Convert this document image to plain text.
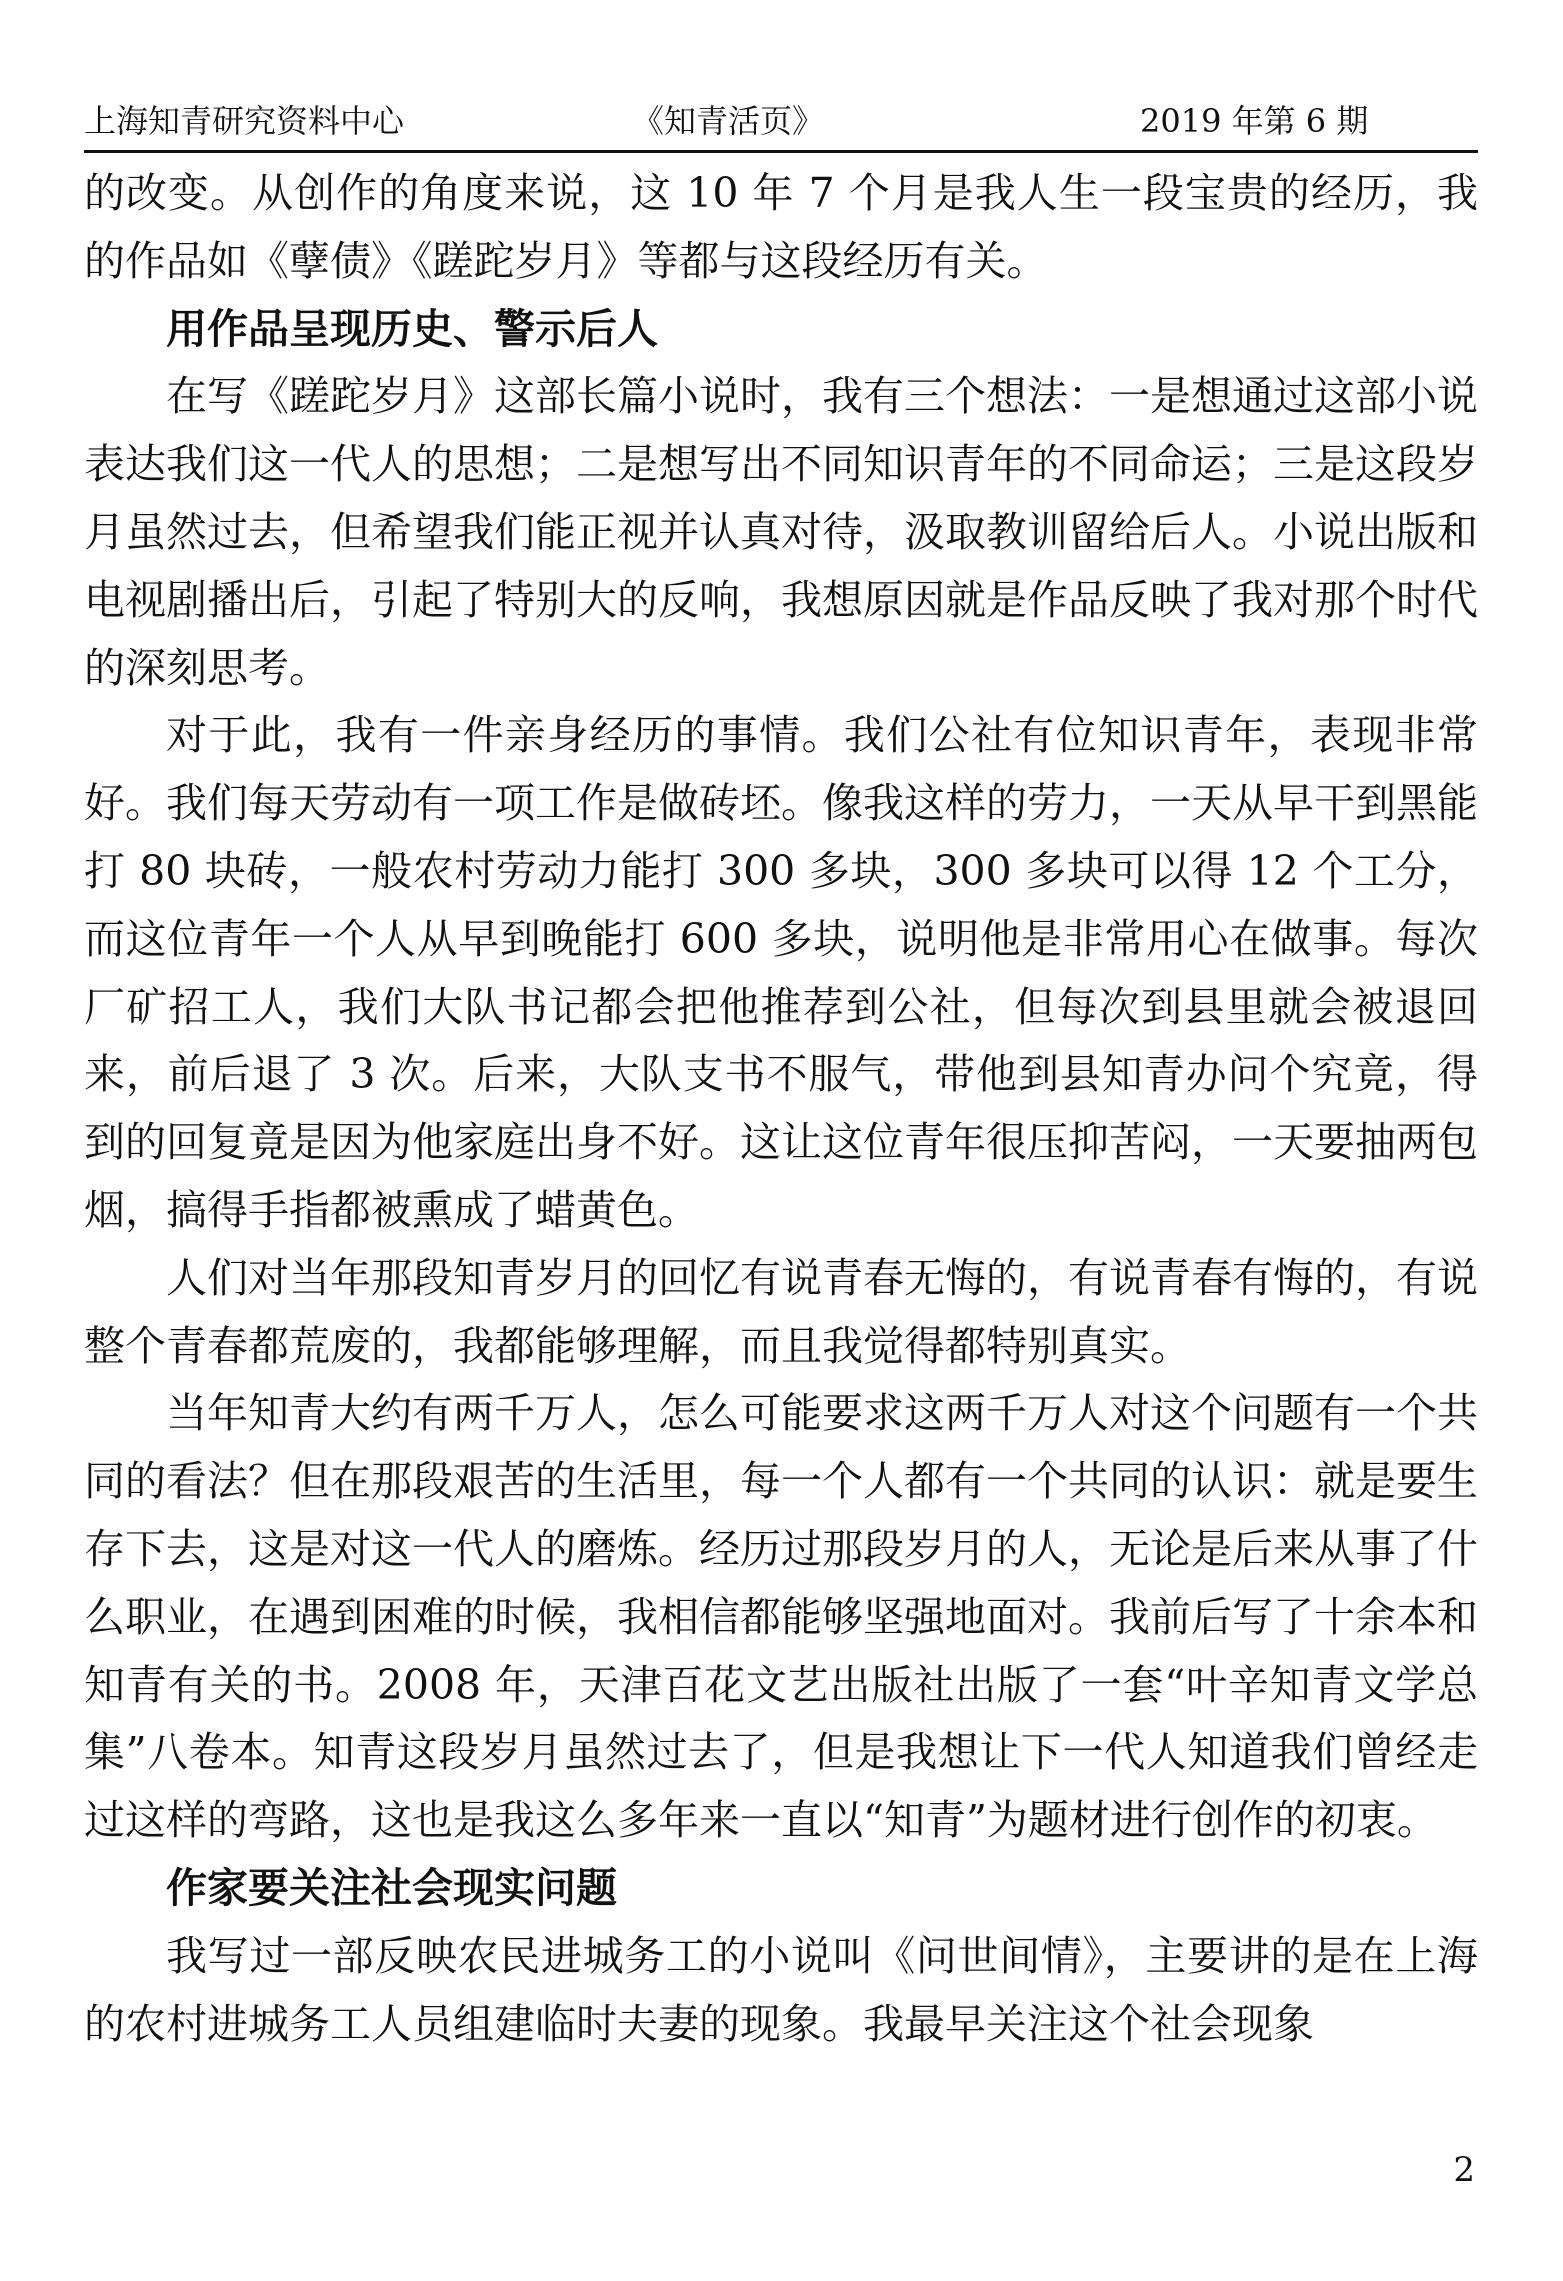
上海知青研究资料中心	《知青活页》	2019 年第 6 期

的改变。从创作的角度来说，这 10 年 7 个月是我人生一段宝贵的经历，我的作品如《孽债》《蹉跎岁月》等都与这段经历有关。

用作品呈现历史、警示后人

在写《蹉跎岁月》这部长篇小说时，我有三个想法：一是想通过这部小说表达我们这一代人的思想；二是想写出不同知识青年的不同命运；三是这段岁月虽然过去，但希望我们能正视并认真对待，汲取教训留给后人。小说出版和电视剧播出后，引起了特别大的反响，我想原因就是作品反映了我对那个时代的深刻思考。

对于此，我有一件亲身经历的事情。我们公社有位知识青年，表现非常好。我们每天劳动有一项工作是做砖坯。像我这样的劳力，一天从早干到黑能打 80 块砖，一般农村劳动力能打 300 多块，300 多块可以得 12 个工分，而这位青年一个人从早到晚能打 600 多块，说明他是非常用心在做事。每次厂矿招工人，我们大队书记都会把他推荐到公社，但每次到县里就会被退回来，前后退了 3 次。后来，大队支书不服气，带他到县知青办问个究竟，得到的回复竟是因为他家庭出身不好。这让这位青年很压抑苦闷，一天要抽两包烟，搞得手指都被熏成了蜡黄色。

人们对当年那段知青岁月的回忆有说青春无悔的，有说青春有悔的，有说整个青春都荒废的，我都能够理解，而且我觉得都特别真实。

当年知青大约有两千万人，怎么可能要求这两千万人对这个问题有一个共同的看法？但在那段艰苦的生活里，每一个人都有一个共同的认识：就是要生存下去，这是对这一代人的磨炼。经历过那段岁月的人，无论是后来从事了什么职业，在遇到困难的时候，我相信都能够坚强地面对。我前后写了十余本和知青有关的书。2008 年，天津百花文艺出版社出版了一套“叶辛知青文学总集”八卷本。知青这段岁月虽然过去了，但是我想让下一代人知道我们曾经走过这样的弯路，这也是我这么多年来一直以“知青”为题材进行创作的初衷。

作家要关注社会现实问题

我写过一部反映农民进城务工的小说叫《问世间情》，主要讲的是在上海的农村进城务工人员组建临时夫妻的现象。我最早关注这个社会现象

2
